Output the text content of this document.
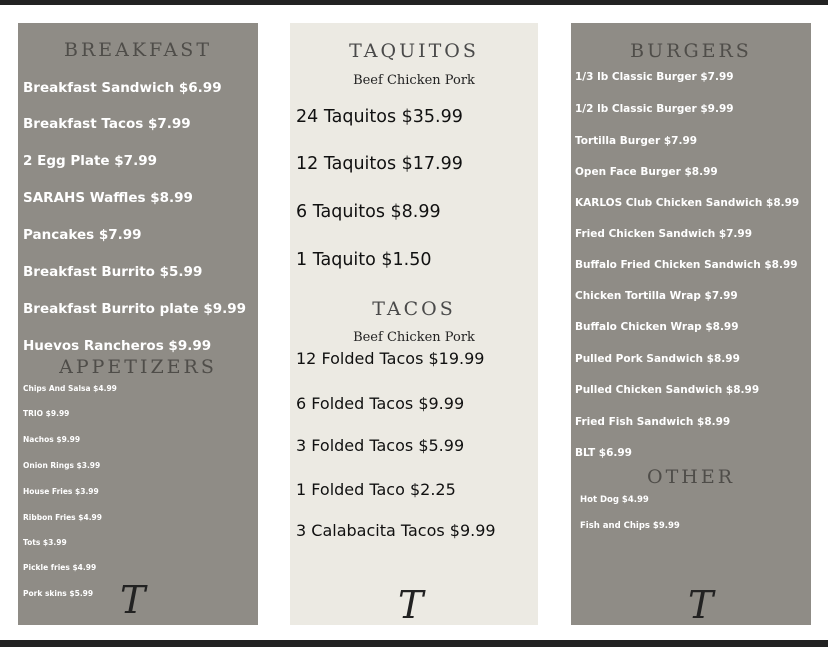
BREAKFAST
Breakfast Sandwich $6.99
Breakfast Tacos $7.99
2 Egg Plate $7.99
SARAHS Waffles $8.99
Pancakes $7.99
Breakfast Burrito $5.99
Breakfast Burrito plate $9.99
Huevos Rancheros $9.99
APPETIZERS
Chips And Salsa $4.99
TRIO $9.99
Nachos $9.99
Onion Rings $3.99
House Fries $3.99
Ribbon Fries $4.99
Tots $3.99
Pickle fries $4.99
Pork skins $5.99 T
TAQUITOS
Beef Chicken Pork
24 Taquitos $35.99
12 Taquitos $17.99
6 Taquitos $8.99
1 Taquito $1.50
TACOS
Beef Chicken Pork
12 Folded Tacos $19.99
6 Folded Tacos $9.99
3 Folded Tacos $5.99
1 Folded Taco $2.25
3 Calabacita Tacos $9.99
T
BURGERS
1/3 lb Classic Burger $7.99
1/2 lb Classic Burger $9.99
Tortilla Burger $7.99
Open Face Burger $8.99
KARLOS Club Chicken Sandwich $8.99
Fried Chicken Sandwich $7.99
Buffalo Fried Chicken Sandwich $8.99
Chicken Tortilla Wrap $7.99
Buffalo Chicken Wrap $8.99
Pulled Pork Sandwich $8.99
Pulled Chicken Sandwich $8.99
Fried Fish Sandwich $8.99
BLT $6.99
OTHER
Hot Dog $4.99
Fish and Chips $9.99
T
